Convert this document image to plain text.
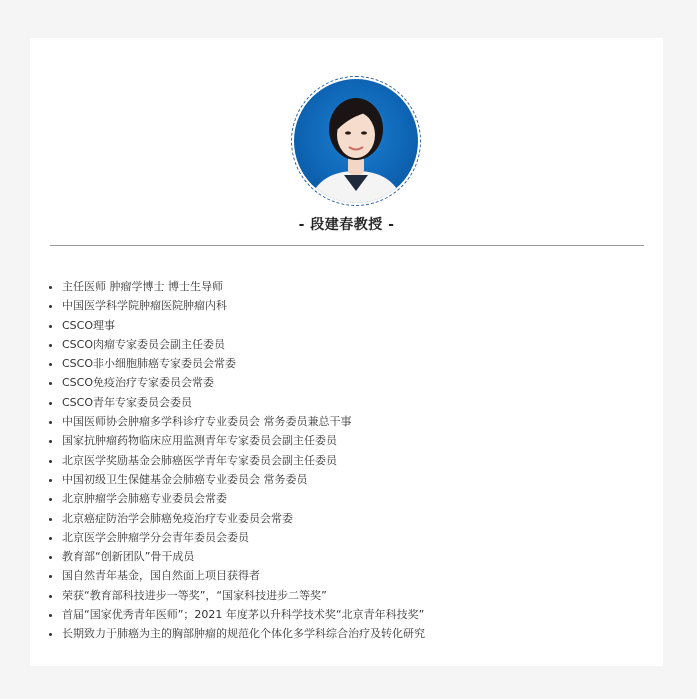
- 段建春教授 -
• 主任医师 肿瘤学博士 博士生导师
• 中国医学科学院肿瘤医院肿瘤内科
• CSCO理事
• CSCO肉瘤专家委员会副主任委员
• CSCO非小细胞肺癌专家委员会常委
• CSCO免疫治疗专家委员会常委
• CSCO青年专家委员会委员
• 中国医师协会肿瘤多学科诊疗专业委员会 常务委员兼总干事
• 国家抗肿瘤药物临床应用监测青年专家委员会副主任委员
• 北京医学奖励基金会肺癌医学青年专家委员会副主任委员
• 中国初级卫生保健基金会肺癌专业委员会 常务委员
• 北京肿瘤学会肺癌专业委员会常委
• 北京癌症防治学会肺癌免疫治疗专业委员会常委
• 北京医学会肿瘤学分会青年委员会委员
• 教育部“创新团队”骨干成员
• 国自然青年基金，国自然面上项目获得者
• 荣获“教育部科技进步一等奖”，“国家科技进步二等奖”
• 首届“国家优秀青年医师”；2021 年度茅以升科学技术奖“北京青年科技奖”
• 长期致力于肺癌为主的胸部肿瘤的规范化个体化多学科综合治疗及转化研究
